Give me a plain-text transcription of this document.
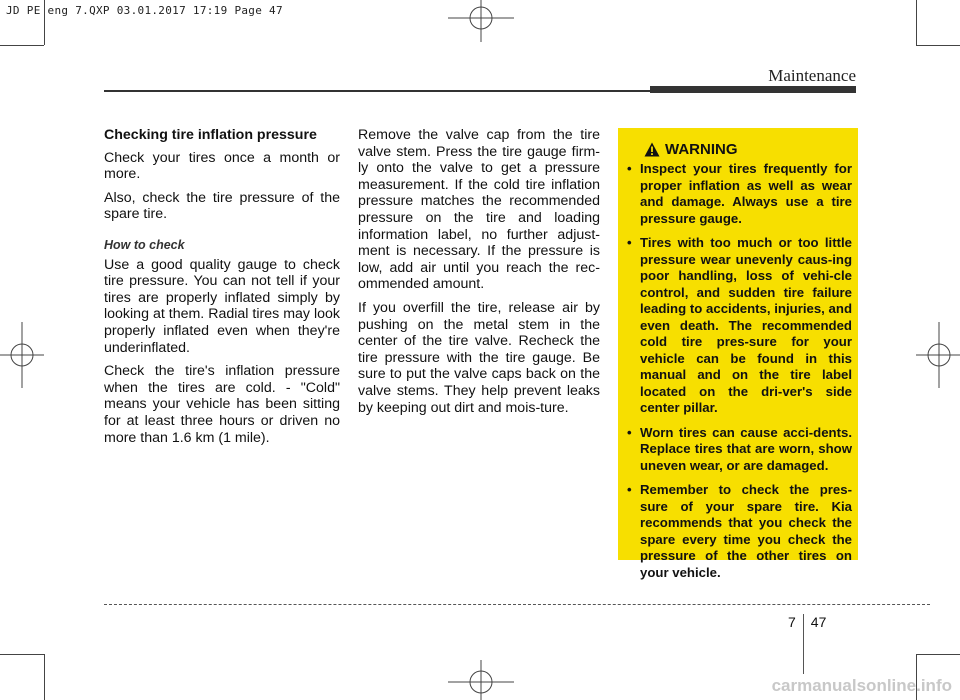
JD PE eng 7.QXP 03.01.2017 17:19 Page 47
Maintenance

Checking tire inflation pressure

Check your tires once a month or more.

Also, check the tire pressure of the spare tire.

How to check

Use a good quality gauge to check tire pressure. You can not tell if your tires are properly inflated simply by looking at them. Radial tires may look properly inflated even when they're underinflated.

Check the tire's inflation pressure when the tires are cold. - "Cold" means your vehicle has been sitting for at least three hours or driven no more than 1.6 km (1 mile).

Remove the valve cap from the tire valve stem. Press the tire gauge firm-ly onto the valve to get a pressure measurement. If the cold tire inflation pressure matches the recommended pressure on the tire and loading information label, no further adjust-ment is necessary. If the pressure is low, add air until you reach the rec-ommended amount.

If you overfill the tire, release air by pushing on the metal stem in the center of the tire valve. Recheck the tire pressure with the tire gauge. Be sure to put the valve caps back on the valve stems. They help prevent leaks by keeping out dirt and mois-ture.

WARNING
• Inspect your tires frequently for proper inflation as well as wear and damage. Always use a tire pressure gauge.
• Tires with too much or too little pressure wear unevenly caus-ing poor handling, loss of vehi-cle control, and sudden tire failure leading to accidents, injuries, and even death. The recommended cold tire pres-sure for your vehicle can be found in this manual and on the tire label located on the dri-ver's side center pillar.
• Worn tires can cause acci-dents. Replace tires that are worn, show uneven wear, or are damaged.
• Remember to check the pres-sure of your spare tire. Kia recommends that you check the spare every time you check the pressure of the other tires on your vehicle.
7 47
carmanualsonline.info
